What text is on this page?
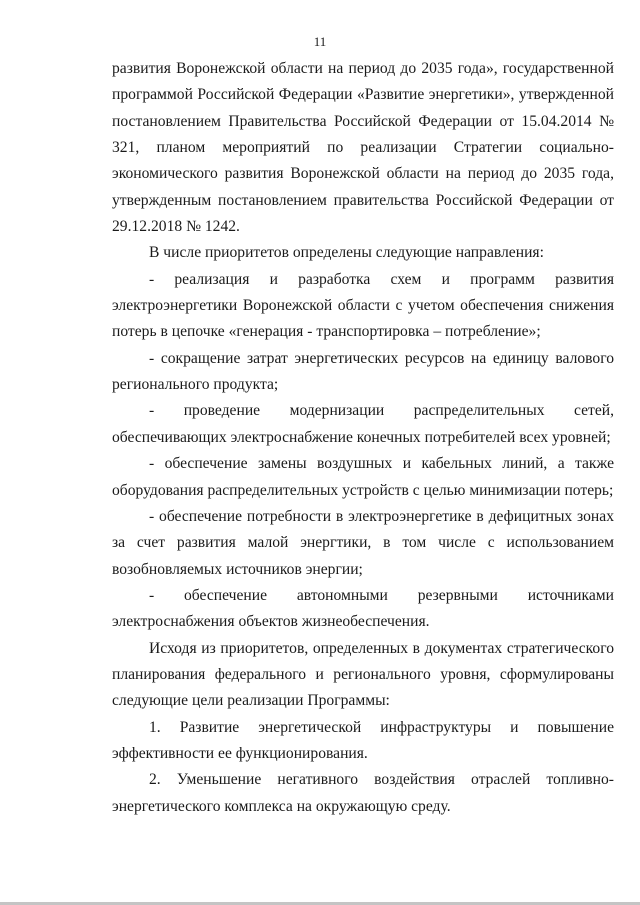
11

развития Воронежской области на период до 2035 года», государственной программой Российской Федерации «Развитие энергетики», утвержденной постановлением Правительства Российской Федерации от 15.04.2014 № 321, планом мероприятий по реализации Стратегии социально-экономического развития Воронежской области на период до 2035 года, утвержденным постановлением правительства Российской Федерации от 29.12.2018 № 1242.

В числе приоритетов определены следующие направления:

- реализация и разработка схем и программ развития электроэнергетики Воронежской области с учетом обеспечения снижения потерь в цепочке «генерация - транспортировка – потребление»;

- сокращение затрат энергетических ресурсов на единицу валового регионального продукта;

- проведение модернизации распределительных сетей, обеспечивающих электроснабжение конечных потребителей всех уровней;

- обеспечение замены воздушных и кабельных линий, а также оборудования распределительных устройств с целью минимизации потерь;

- обеспечение потребности в электроэнергетике в дефицитных зонах за счет развития малой энергтики, в том числе с использованием возобновляемых источников энергии;

- обеспечение автономными резервными источниками электроснабжения объектов жизнеобеспечения.

Исходя из приоритетов, определенных в документах стратегического планирования федерального и регионального уровня, сформулированы следующие цели реализации Программы:

1. Развитие энергетической инфраструктуры и повышение эффективности ее функционирования.

2. Уменьшение негативного воздействия отраслей топливно-энергетического комплекса на окружающую среду.
